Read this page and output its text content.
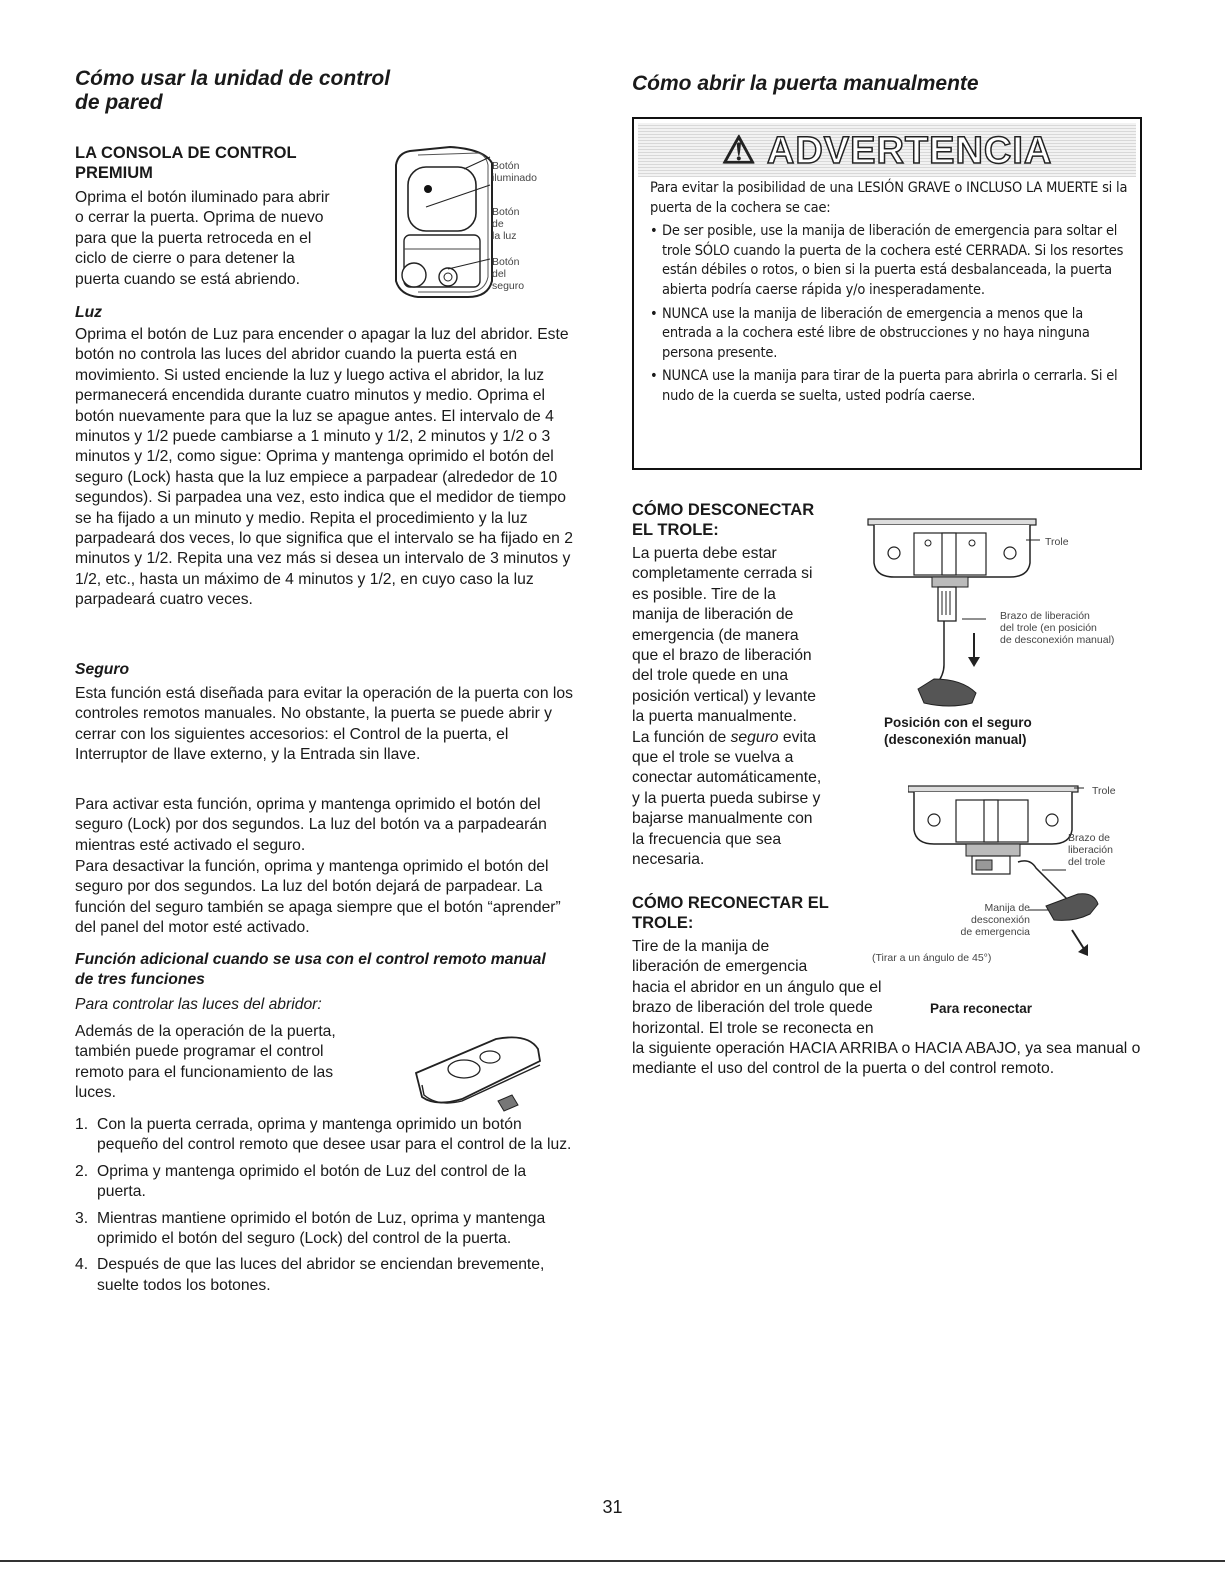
Cómo usar la unidad de control
de pared
LA CONSOLA DE CONTROL
PREMIUM
Oprima el botón iluminado para abrir
o cerrar la puerta. Oprima de nuevo
para que la puerta retroceda en el
ciclo de cierre o para detener la
puerta cuando se está abriendo.
Botón
iluminado
Botón
de
la luz
Botón
del
seguro
Luz

Oprima el botón de Luz para encender o apagar la luz del abridor. Este botón no controla las luces del abridor cuando la puerta está en movimiento. Si usted enciende la luz y luego activa el abridor, la luz permanecerá encendida durante cuatro minutos y medio. Oprima el botón nuevamente para que la luz se apague antes. El intervalo de 4 minutos y 1/2 puede cambiarse a 1 minuto y 1/2, 2 minutos y 1/2 o 3 minutos y 1/2, como sigue: Oprima y mantenga oprimido el botón del seguro (Lock) hasta que la luz empiece a parpadear (alrededor de 10 segundos). Si parpadea una vez, esto indica que el medidor de tiempo se ha fijado a un minuto y medio. Repita el procedimiento y la luz parpadeará dos veces, lo que significa que el intervalo se ha fijado en 2 minutos y 1/2. Repita una vez más si desea un intervalo de 3 minutos y 1/2, etc., hasta un máximo de 4 minutos y 1/2, en cuyo caso la luz parpadeará cuatro veces.

Seguro

Esta función está diseñada para evitar la operación de la puerta con los controles remotos manuales. No obstante, la puerta se puede abrir y cerrar con los siguientes accesorios: el Control de la puerta, el Interruptor de llave externo, y la Entrada sin llave.

Para activar esta función, oprima y mantenga oprimido el botón del seguro (Lock) por dos segundos. La luz del botón va a parpadearán mientras esté activado el seguro.

Para desactivar la función, oprima y mantenga oprimido el botón del seguro por dos segundos. La luz del botón dejará de parpadear. La función del seguro también se apaga siempre que el botón “aprender” del panel del motor esté activado.

Función adicional cuando se usa con el control remoto manual de tres funciones
Para controlar las luces del abridor:
Además de la operación de la puerta,
también puede programar el control
remoto para el funcionamiento de las
luces.
1. Con la puerta cerrada, oprima y mantenga oprimido un botón pequeño del control remoto que desee usar para el control de la luz.
2. Oprima y mantenga oprimido el botón de Luz del control de la puerta.
3. Mientras mantiene oprimido el botón de Luz, oprima y mantenga oprimido el botón del seguro (Lock) del control de la puerta.
4. Después de que las luces del abridor se enciendan brevemente, suelte todos los botones.
Cómo abrir la puerta manualmente
⚠ ADVERTENCIA

Para evitar la posibilidad de una LESIÓN GRAVE o INCLUSO LA MUERTE si la puerta de la cochera se cae:

• De ser posible, use la manija de liberación de emergencia para soltar el trole SÓLO cuando la puerta de la cochera esté CERRADA. Si los resortes están débiles o rotos, o bien si la puerta está desbalanceada, la puerta abierta podría caerse rápida y/o inesperadamente.
• NUNCA use la manija de liberación de emergencia a menos que la entrada a la cochera esté libre de obstrucciones y no haya ninguna persona presente.
• NUNCA use la manija para tirar de la puerta para abrirla o cerrarla. Si el nudo de la cuerda se suelta, usted podría caerse.
CÓMO DESCONECTAR
EL TROLE:
La puerta debe estar
completamente cerrada si
es posible. Tire de la
manija de liberación de
emergencia (de manera
que el brazo de liberación
del trole quede en una
posición vertical) y levante
la puerta manualmente.
La función de seguro evita
que el trole se vuelva a
conectar automáticamente,
y la puerta pueda subirse y
bajarse manualmente con
la frecuencia que sea
necesaria.
Trole
Brazo de liberación
del trole (en posición
de desconexión manual)
Posición con el seguro
(desconexión manual)
CÓMO RECONECTAR EL
TROLE:
Tire de la manija de
liberación de emergencia
hacia el abridor en un ángulo que el
brazo de liberación del trole quede
horizontal. El trole se reconecta en

la siguiente operación HACIA ARRIBA o HACIA ABAJO, ya sea manual o mediante el uso del control de la puerta o del control remoto.

Trole
Brazo de
liberación
del trole
Manija de
desconexión
de emergencia
(Tirar a un ángulo de 45°)
Para reconectar
31
